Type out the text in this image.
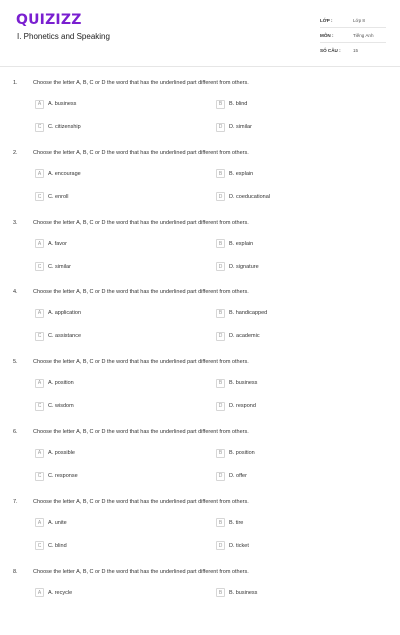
QUIZIZZ
I. Phonetics and Speaking
LỚP :	Lớp 8
MÔN :	Tiếng Anh
SỐ CÂU :	15
1.	Choose the letter A, B, C or D the word that has the underlined part different from others.
A	A. business	B	B. blind
C	C. citizenship	D	D. similar
2.	Choose the letter A, B, C or D the word that has the underlined part different from others.
A	A. encourage	B	B. explain
C	C. enroll	D	D. coeducational
3.	Choose the letter A, B, C or D the word that has the underlined part different from others.
A	A. favor	B	B. explain
C	C. similar	D	D. signature
4.	Choose the letter A, B, C or D the word that has the underlined part different from others.
A	A. application	B	B. handicapped
C	C. assistance	D	D. academic
5.	Choose the letter A, B, C or D the word that has the underlined part different from others.
A	A. position	B	B. business
C	C. wisdom	D	D. respond
6.	Choose the letter A, B, C or D the word that has the underlined part different from others.
A	A. possible	B	B. position
C	C. response	D	D. offer
7.	Choose the letter A, B, C or D the word that has the underlined part different from others.
A	A. unite	B	B. tire
C	C. blind	D	D. ticket
8.	Choose the letter A, B, C or D the word that has the underlined part different from others.
A	A. recycle	B	B. business
